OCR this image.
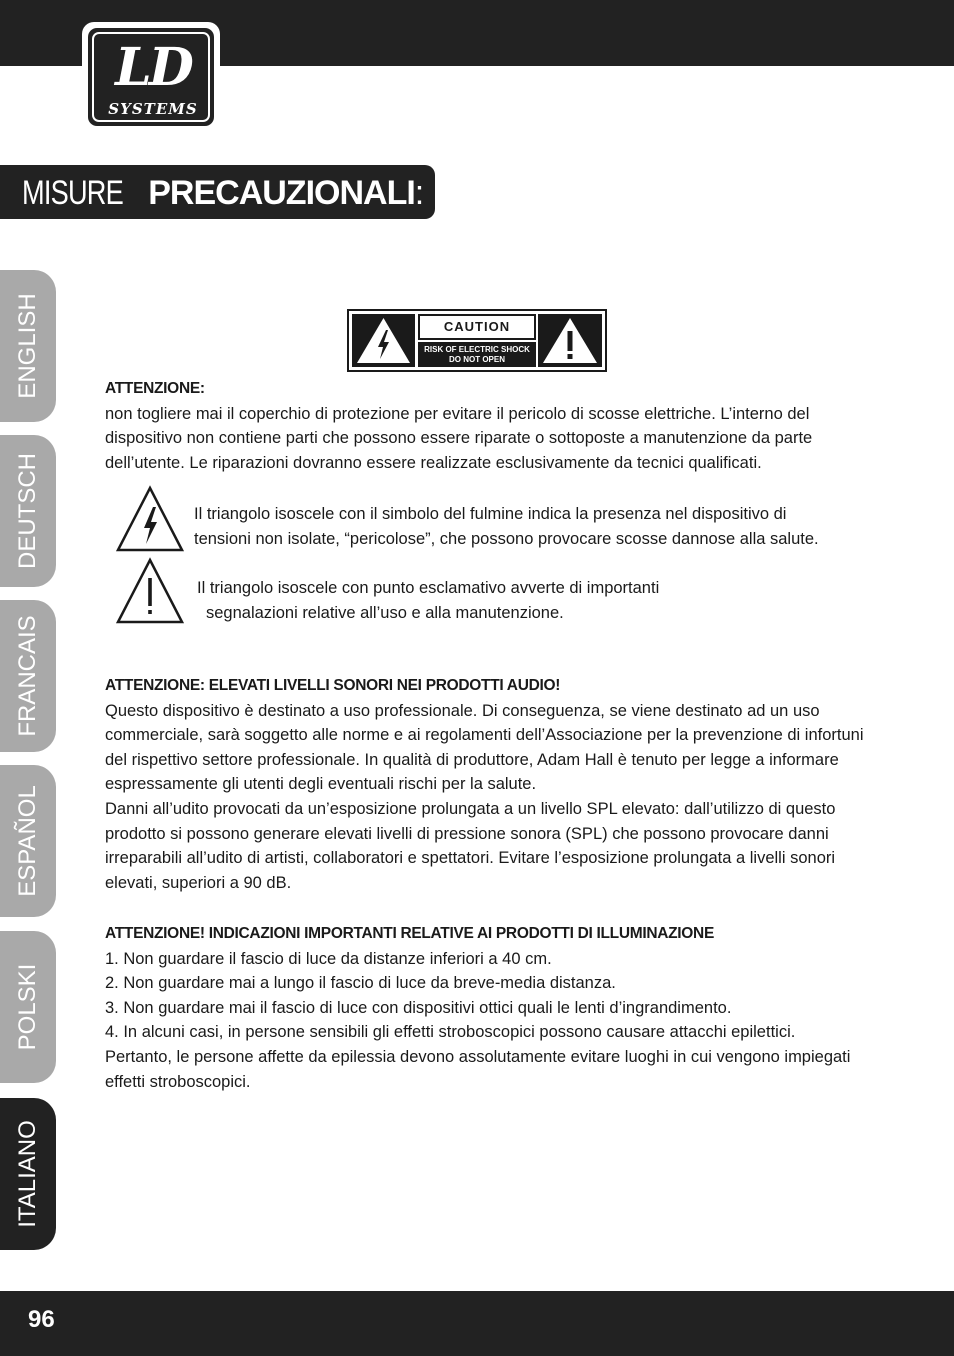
LD
SYSTEMS
MISUREPRECAUZIONALI:
ENGLISH
DEUTSCH
FRANCAIS
ESPAÑOL
POLSKI
ITALIANO
CAUTION
RISK OF ELECTRIC SHOCK
DO NOT OPEN

ATTENZIONE:

non togliere mai il coperchio di protezione per evitare il pericolo di scosse elettriche. L’interno del dispositivo non contiene parti che possono essere riparate o sottoposte a manutenzione da parte dell’utente. Le riparazioni dovranno essere realizzate esclusivamente da tecnici qualificati.

Il triangolo isoscele con il simbolo del fulmine indica la presenza nel dispositivo di
tensioni non isolate, “pericolose”, che possono provocare scosse dannose alla salute.
Il triangolo isoscele con punto esclamativo avverte di importanti
segnalazioni relative all’uso e alla manutenzione.

ATTENZIONE: ELEVATI LIVELLI SONORI NEI PRODOTTI AUDIO!

Questo dispositivo è destinato a uso professionale. Di conseguenza, se viene destinato ad un uso commerciale, sarà soggetto alle norme e ai regolamenti dell’Associazione per la prevenzione di infortuni del rispettivo settore professionale. In qualità di produttore, Adam Hall è tenuto per legge a informare espressamente gli utenti degli eventuali rischi per la salute.

Danni all’udito provocati da un’esposizione prolungata a un livello SPL elevato: dall’utilizzo di questo prodotto si possono generare elevati livelli di pressione sonora (SPL) che possono provocare danni irreparabili all’udito di artisti, collaboratori e spettatori. Evitare l’esposizione prolungata a livelli sonori elevati, superiori a 90 dB.

ATTENZIONE! INDICAZIONI IMPORTANTI RELATIVE AI PRODOTTI DI ILLUMINAZIONE

1. Non guardare il fascio di luce da distanze inferiori a 40 cm.

2. Non guardare mai a lungo il fascio di luce da breve-media distanza.

3. Non guardare mai il fascio di luce con dispositivi ottici quali le lenti d’ingrandimento.

4. In alcuni casi, in persone sensibili gli effetti stroboscopici possono causare attacchi epilettici. Pertanto, le persone affette da epilessia devono assolutamente evitare luoghi in cui vengono impiegati effetti stroboscopici.

96
